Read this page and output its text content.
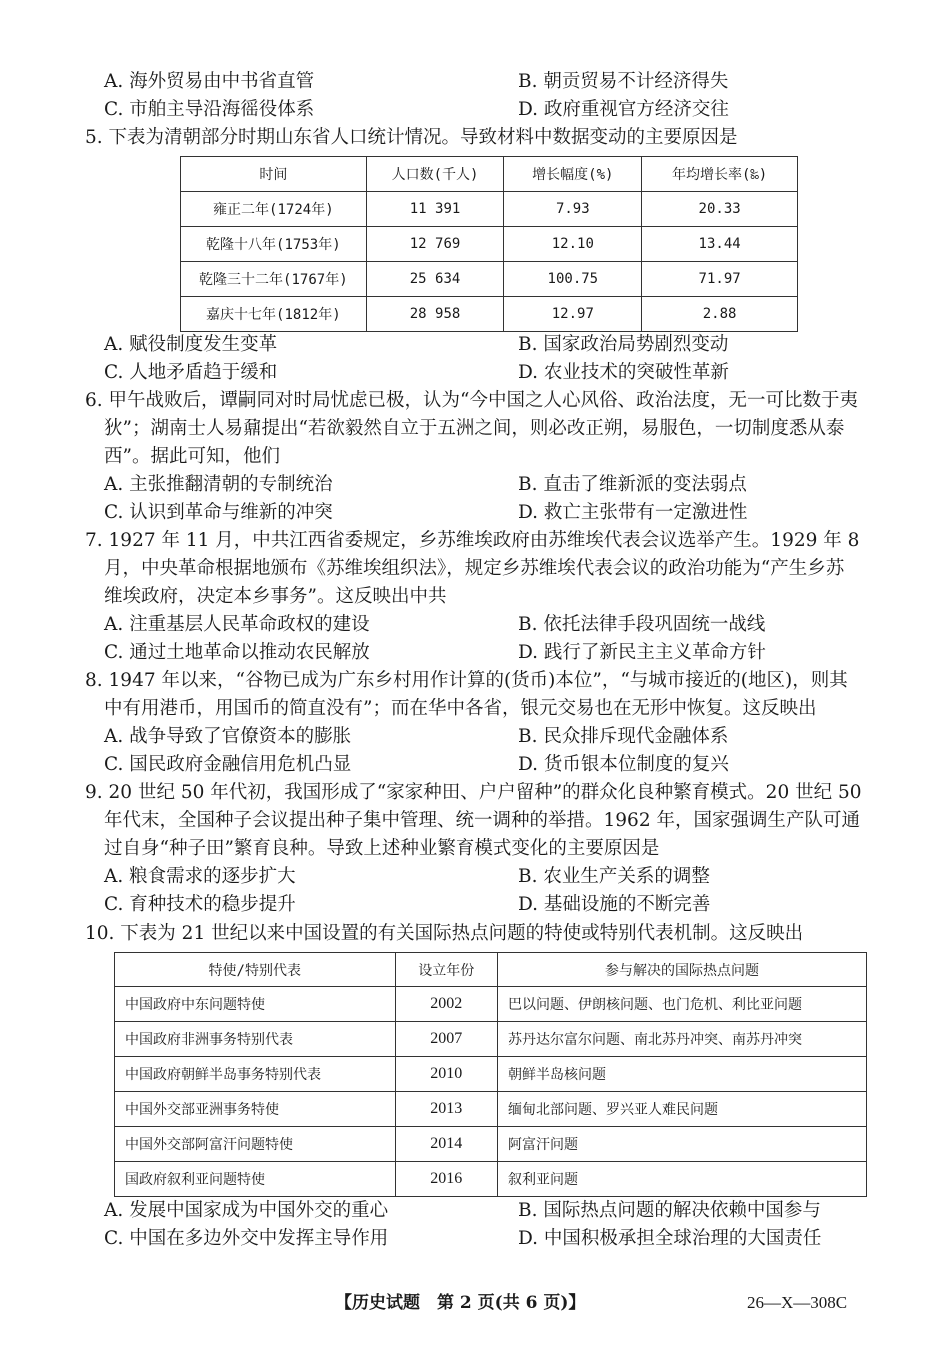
A. 海外贸易由中书省直管	B. 朝贡贸易不计经济得失
C. 市舶主导沿海徭役体系	D. 政府重视官方经济交往
5. 下表为清朝部分时期山东省人口统计情况。导致材料中数据变动的主要原因是
时间	人口数(千人)	增长幅度(%)	年均增长率(‰)
雍正二年(1724年)	11 391	7.93	20.33
乾隆十八年(1753年)	12 769	12.10	13.44
乾隆三十二年(1767年)	25 634	100.75	71.97
嘉庆十七年(1812年)	28 958	12.97	2.88
A. 赋役制度发生变革	B. 国家政治局势剧烈变动
C. 人地矛盾趋于缓和	D. 农业技术的突破性革新
6. 甲午战败后，谭嗣同对时局忧虑已极，认为“今中国之人心风俗、政治法度，无一可比数于夷
狄”；湖南士人易鼐提出“若欲毅然自立于五洲之间，则必改正朔，易服色，一切制度悉从泰
西”。据此可知，他们
A. 主张推翻清朝的专制统治	B. 直击了维新派的变法弱点
C. 认识到革命与维新的冲突	D. 救亡主张带有一定激进性
7. 1927 年 11 月，中共江西省委规定，乡苏维埃政府由苏维埃代表会议选举产生。1929 年 8
月，中央革命根据地颁布《苏维埃组织法》，规定乡苏维埃代表会议的政治功能为“产生乡苏
维埃政府，决定本乡事务”。这反映出中共
A. 注重基层人民革命政权的建设	B. 依托法律手段巩固统一战线
C. 通过土地革命以推动农民解放	D. 践行了新民主主义革命方针
8. 1947 年以来，“谷物已成为广东乡村用作计算的(货币)本位”，“与城市接近的(地区)，则其
中有用港币，用国币的简直没有”；而在华中各省，银元交易也在无形中恢复。这反映出
A. 战争导致了官僚资本的膨胀	B. 民众排斥现代金融体系
C. 国民政府金融信用危机凸显	D. 货币银本位制度的复兴
9. 20 世纪 50 年代初，我国形成了“家家种田、户户留种”的群众化良种繁育模式。20 世纪 50
年代末，全国种子会议提出种子集中管理、统一调种的举措。1962 年，国家强调生产队可通
过自身“种子田”繁育良种。导致上述种业繁育模式变化的主要原因是
A. 粮食需求的逐步扩大	B. 农业生产关系的调整
C. 育种技术的稳步提升	D. 基础设施的不断完善
10. 下表为 21 世纪以来中国设置的有关国际热点问题的特使或特别代表机制。这反映出
特使/特别代表	设立年份	参与解决的国际热点问题
中国政府中东问题特使	2002	巴以问题、伊朗核问题、也门危机、利比亚问题
中国政府非洲事务特别代表	2007	苏丹达尔富尔问题、南北苏丹冲突、南苏丹冲突
中国政府朝鲜半岛事务特别代表	2010	朝鲜半岛核问题
中国外交部亚洲事务特使	2013	缅甸北部问题、罗兴亚人难民问题
中国外交部阿富汗问题特使	2014	阿富汗问题
国政府叙利亚问题特使	2016	叙利亚问题
A. 发展中国家成为中国外交的重心	B. 国际热点问题的解决依赖中国参与
C. 中国在多边外交中发挥主导作用	D. 中国积极承担全球治理的大国责任
【历史试题　第 2 页(共 6 页)】	26—X—308C
